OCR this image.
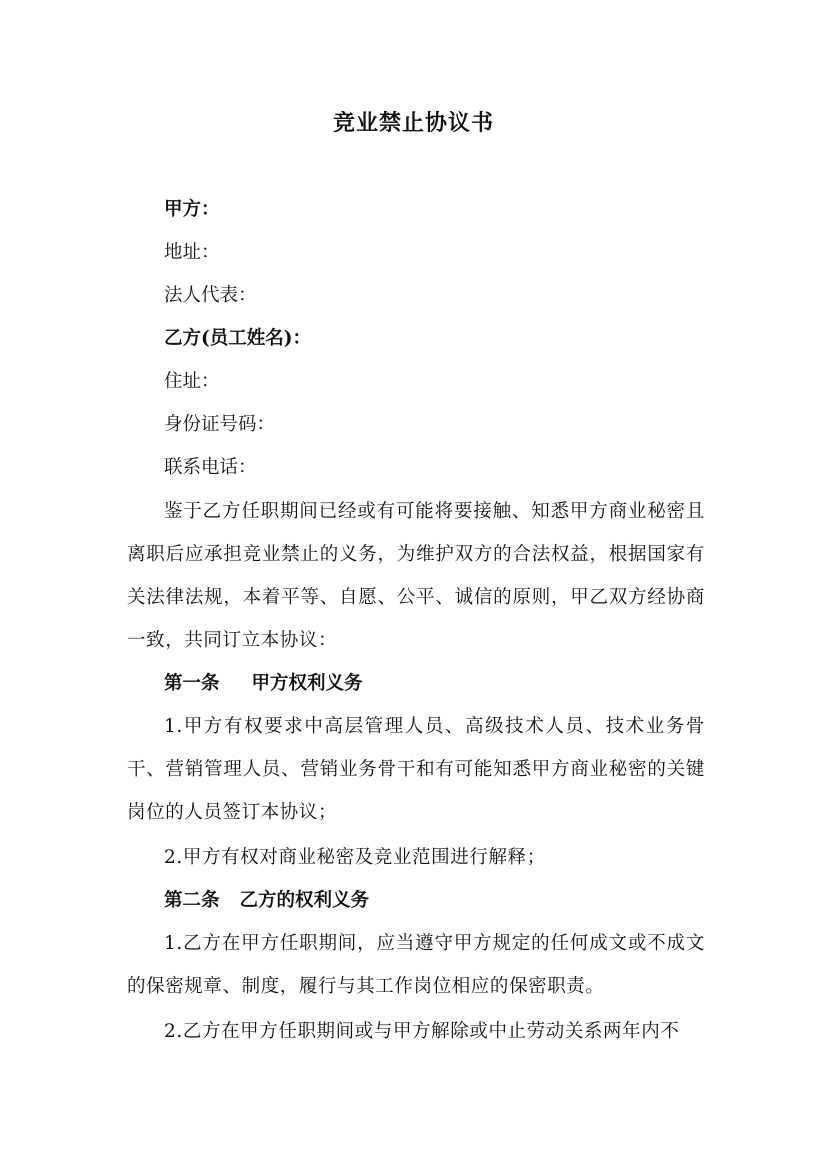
竞业禁止协议书
甲方：
地址：
法人代表：
乙方(员工姓名)：
住址：
身份证号码：
联系电话：

鉴于乙方任职期间已经或有可能将要接触、知悉甲方商业秘密且离职后应承担竞业禁止的义务，为维护双方的合法权益，根据国家有关法律法规，本着平等、自愿、公平、诚信的原则，甲乙双方经协商一致，共同订立本协议：

第一条 甲方权利义务

1.甲方有权要求中高层管理人员、高级技术人员、技术业务骨干、营销管理人员、营销业务骨干和有可能知悉甲方商业秘密的关键岗位的人员签订本协议；

2.甲方有权对商业秘密及竞业范围进行解释；

第二条 乙方的权利义务

1.乙方在甲方任职期间，应当遵守甲方规定的任何成文或不成文的保密规章、制度，履行与其工作岗位相应的保密职责。

2.乙方在甲方任职期间或与甲方解除或中止劳动关系两年内不
